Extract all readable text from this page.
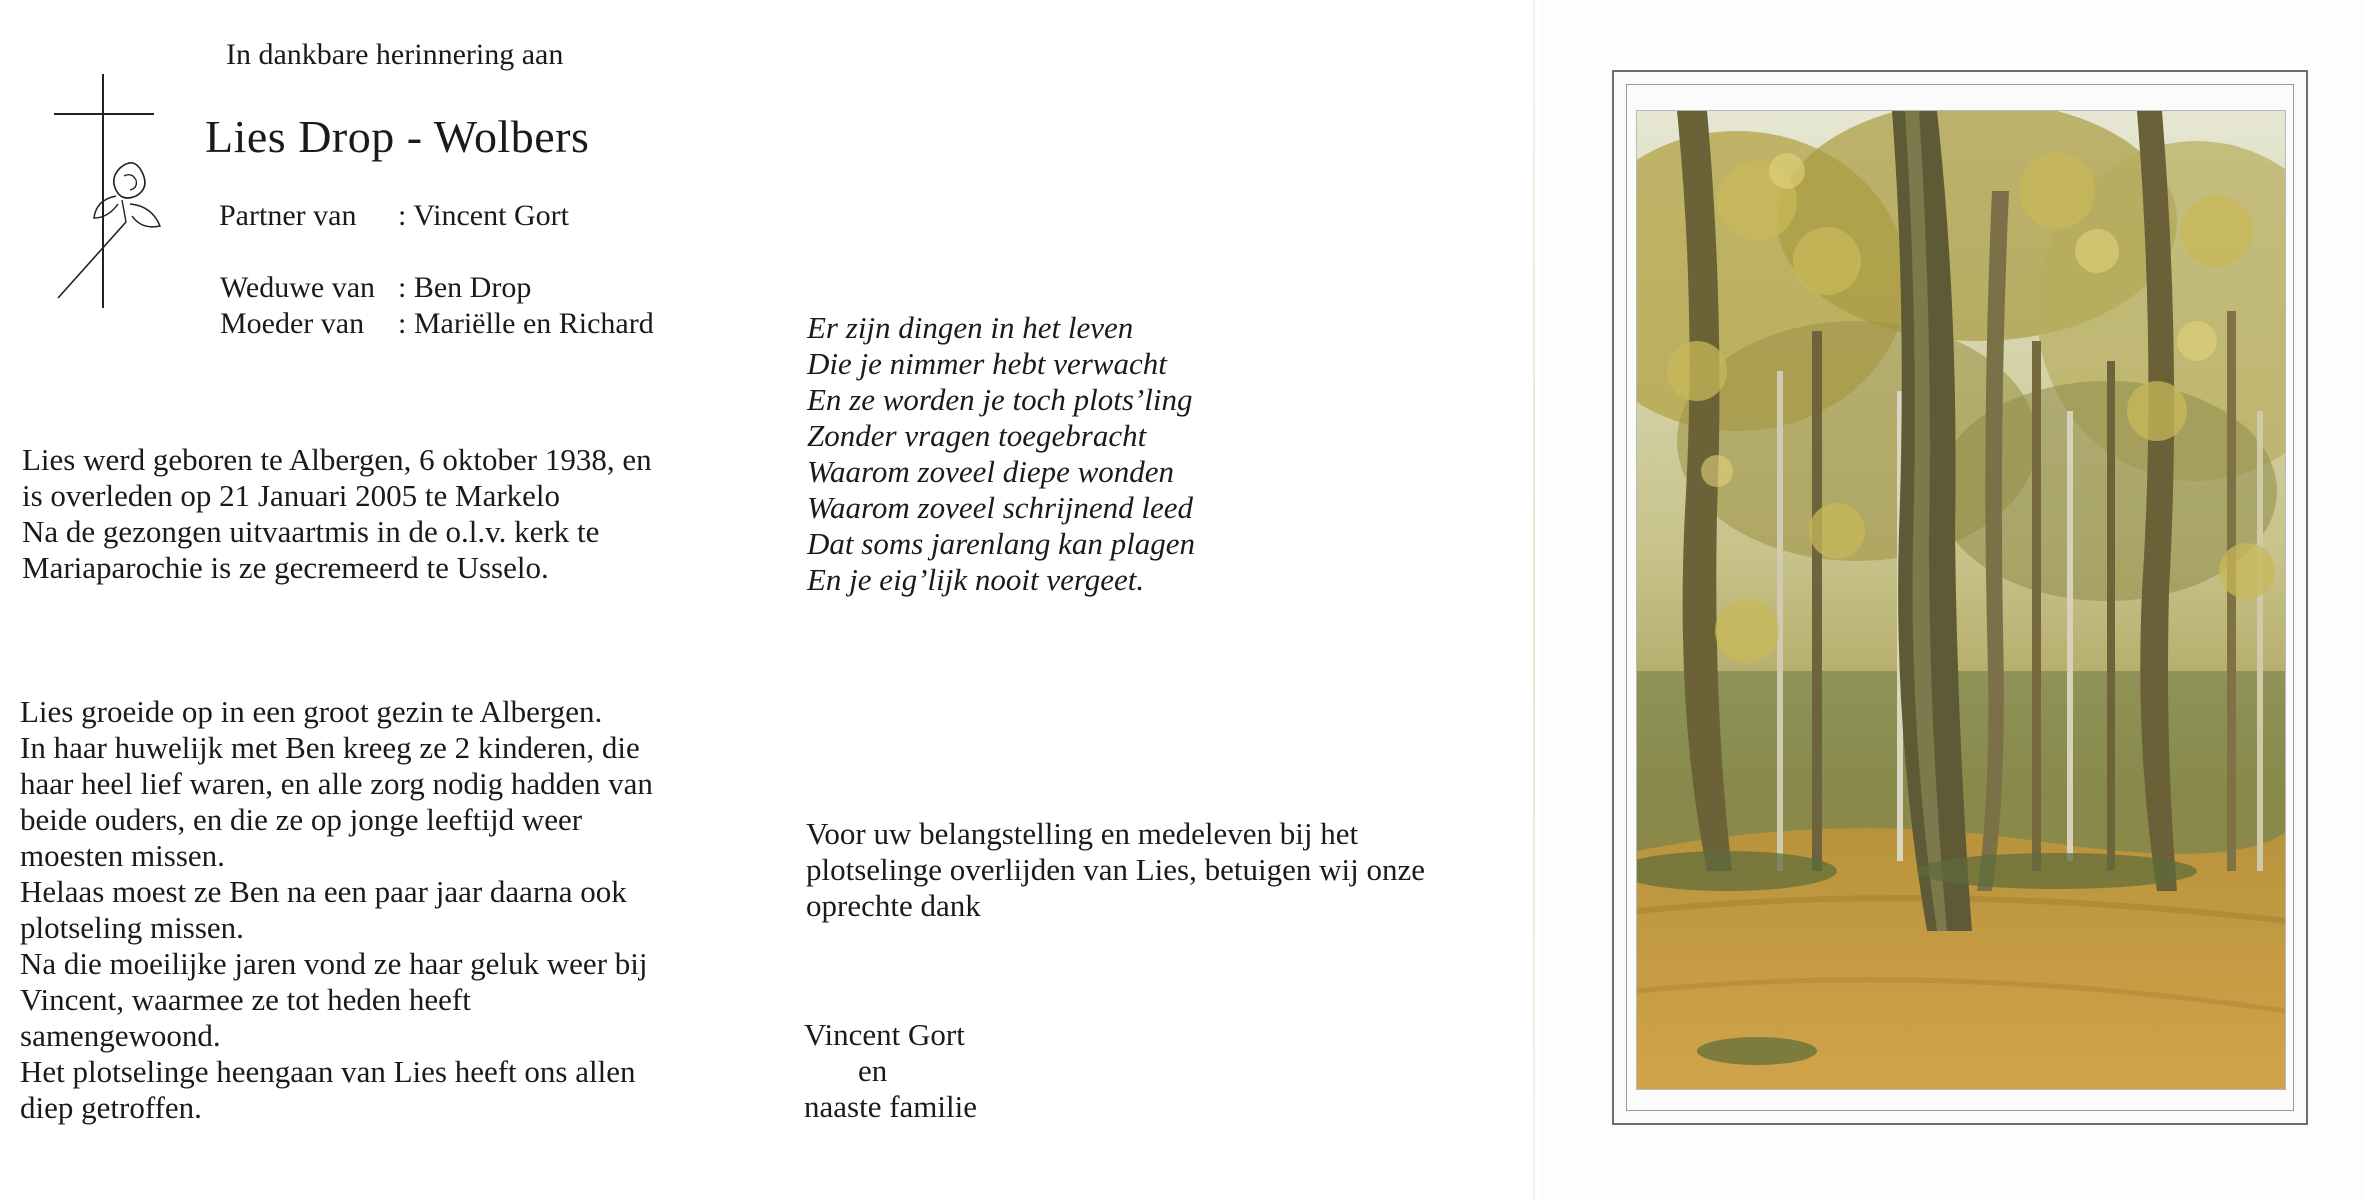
In dankbare herinnering aan
Lies Drop - Wolbers
Partner van : Vincent Gort
Weduwe van : Ben Drop
Moeder van : Mariëlle en Richard
Lies werd geboren te Albergen, 6 oktober 1938, en
is overleden op 21 Januari 2005 te Markelo
Na de gezongen uitvaartmis in de o.l.v. kerk te
Mariaparochie is ze gecremeerd te Usselo.
Lies groeide op in een groot gezin te Albergen.
In haar huwelijk met Ben kreeg ze 2 kinderen, die
haar heel lief waren, en alle zorg nodig hadden van
beide ouders, en die ze op jonge leeftijd weer
moesten missen.
Helaas moest ze Ben na een paar jaar daarna ook
plotseling missen.
Na die moeilijke jaren vond ze haar geluk weer bij
Vincent, waarmee ze tot heden heeft
samengewoond.
Het plotselinge heengaan van Lies heeft ons allen
diep getroffen.
Er zijn dingen in het leven
Die je nimmer hebt verwacht
En ze worden je toch plots’ling
Zonder vragen toegebracht
Waarom zoveel diepe wonden
Waarom zoveel schrijnend leed
Dat soms jarenlang kan plagen
En je eig’lijk nooit vergeet.
Voor uw belangstelling en medeleven bij het
plotselinge overlijden van Lies, betuigen wij onze
oprechte dank
Vincent Gort
en
naaste familie
